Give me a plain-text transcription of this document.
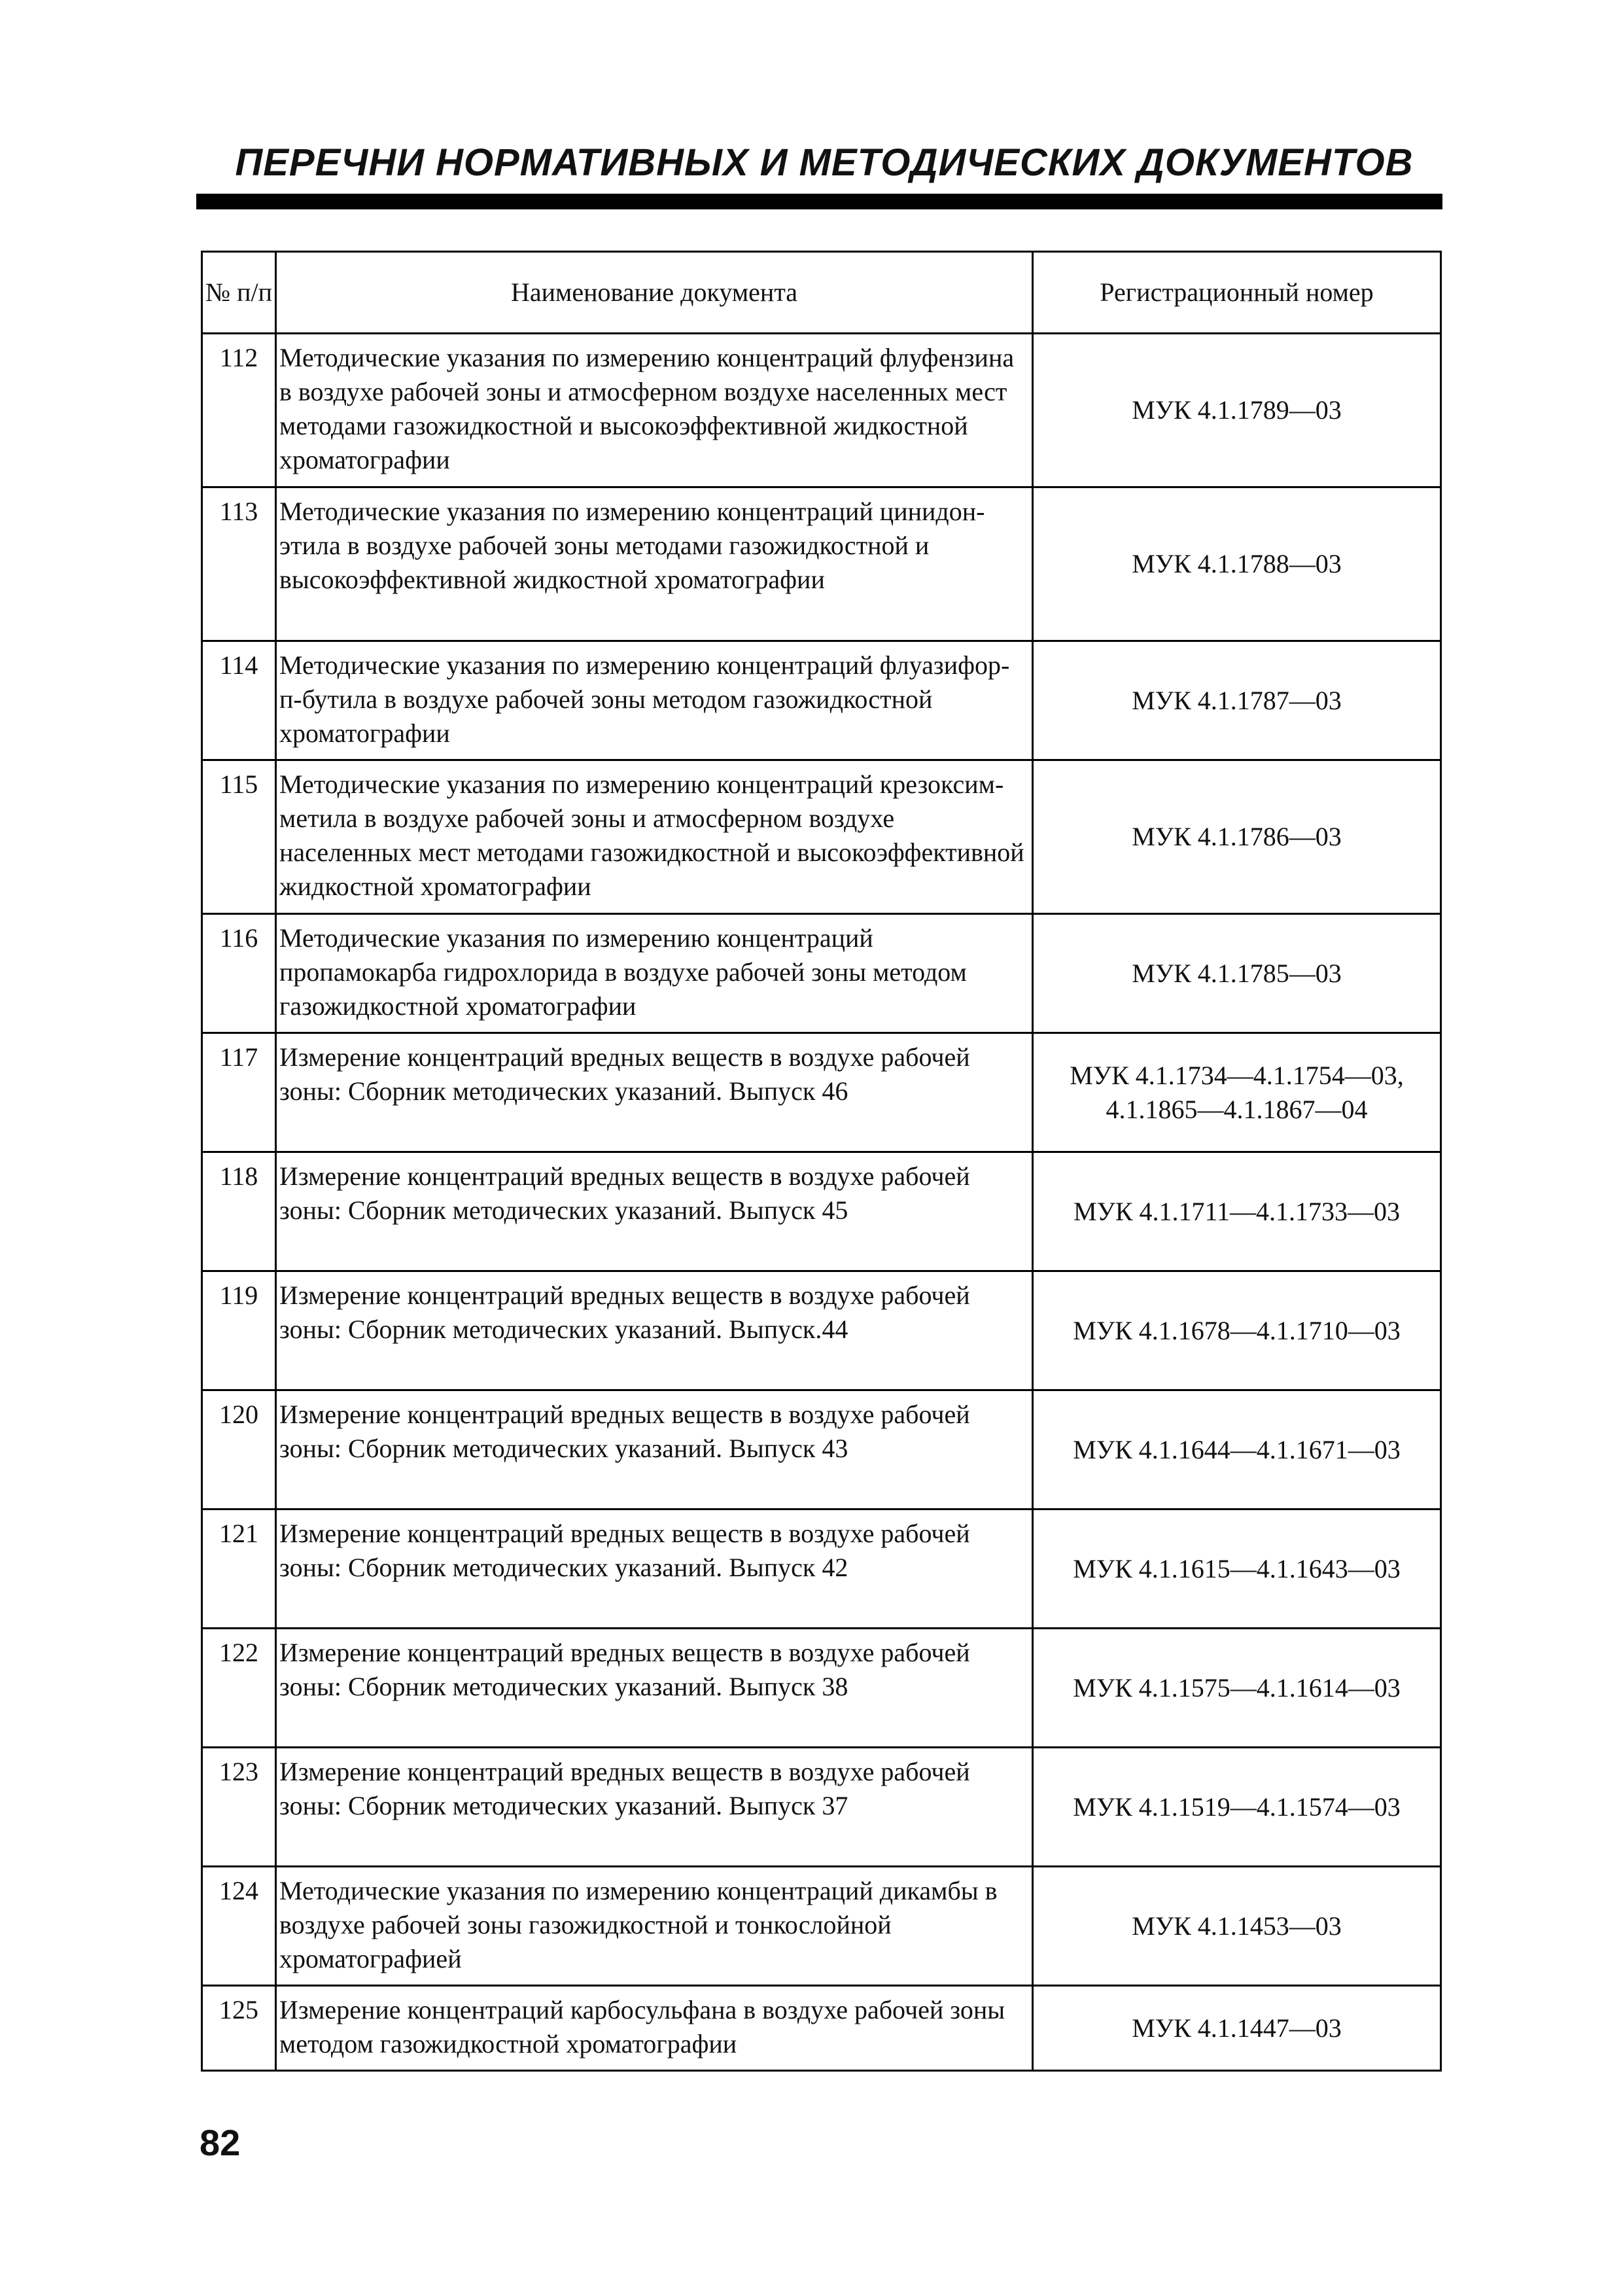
ПЕРЕЧНИ НОРМАТИВНЫХ И МЕТОДИЧЕСКИХ ДОКУМЕНТОВ
№ п/п	Наименование документа	Регистрационный номер
112	Методические указания по измерению концентраций флуфензина в воздухе рабочей зоны и атмосферном воздухе населенных мест методами газожидкостной и высокоэффективной жидкостной хроматографии	МУК 4.1.1789—03
113	Методические указания по измерению концентраций цинидон-этила в воздухе рабочей зоны методами газожидкостной и высокоэффективной жидкостной хроматографии	МУК 4.1.1788—03
114	Методические указания по измерению концентраций флуазифор-п-бутила в воздухе рабочей зоны методом газожидкостной хроматографии	МУК 4.1.1787—03
115	Методические указания по измерению концентраций крезоксим-метила в воздухе рабочей зоны и атмосферном воздухе населенных мест методами газожидкостной и высокоэффективной жидкостной хроматографии	МУК 4.1.1786—03
116	Методические указания по измерению концентраций пропамокарба гидрохлорида в воздухе рабочей зоны методом газожидкостной хроматографии	МУК 4.1.1785—03
117	Измерение концентраций вредных веществ в воздухе рабочей зоны: Сборник методических указаний. Выпуск 46	МУК 4.1.1734—4.1.1754—03, 4.1.1865—4.1.1867—04
118	Измерение концентраций вредных веществ в воздухе рабочей зоны: Сборник методических указаний. Выпуск 45	МУК 4.1.1711—4.1.1733—03
119	Измерение концентраций вредных веществ в воздухе рабочей зоны: Сборник методических указаний. Выпуск.44	МУК 4.1.1678—4.1.1710—03
120	Измерение концентраций вредных веществ в воздухе рабочей зоны: Сборник методических указаний. Выпуск 43	МУК 4.1.1644—4.1.1671—03
121	Измерение концентраций вредных веществ в воздухе рабочей зоны: Сборник методических указаний. Выпуск 42	МУК 4.1.1615—4.1.1643—03
122	Измерение концентраций вредных веществ в воздухе рабочей зоны: Сборник методических указаний. Выпуск 38	МУК 4.1.1575—4.1.1614—03
123	Измерение концентраций вредных веществ в воздухе рабочей зоны: Сборник методических указаний. Выпуск 37	МУК 4.1.1519—4.1.1574—03
124	Методические указания по измерению концентраций дикамбы в воздухе рабочей зоны газожидкостной и тонкослойной хроматографией	МУК 4.1.1453—03
125	Измерение концентраций карбосульфана в воздухе рабочей зоны методом газожидкостной хроматографии	МУК 4.1.1447—03
82
